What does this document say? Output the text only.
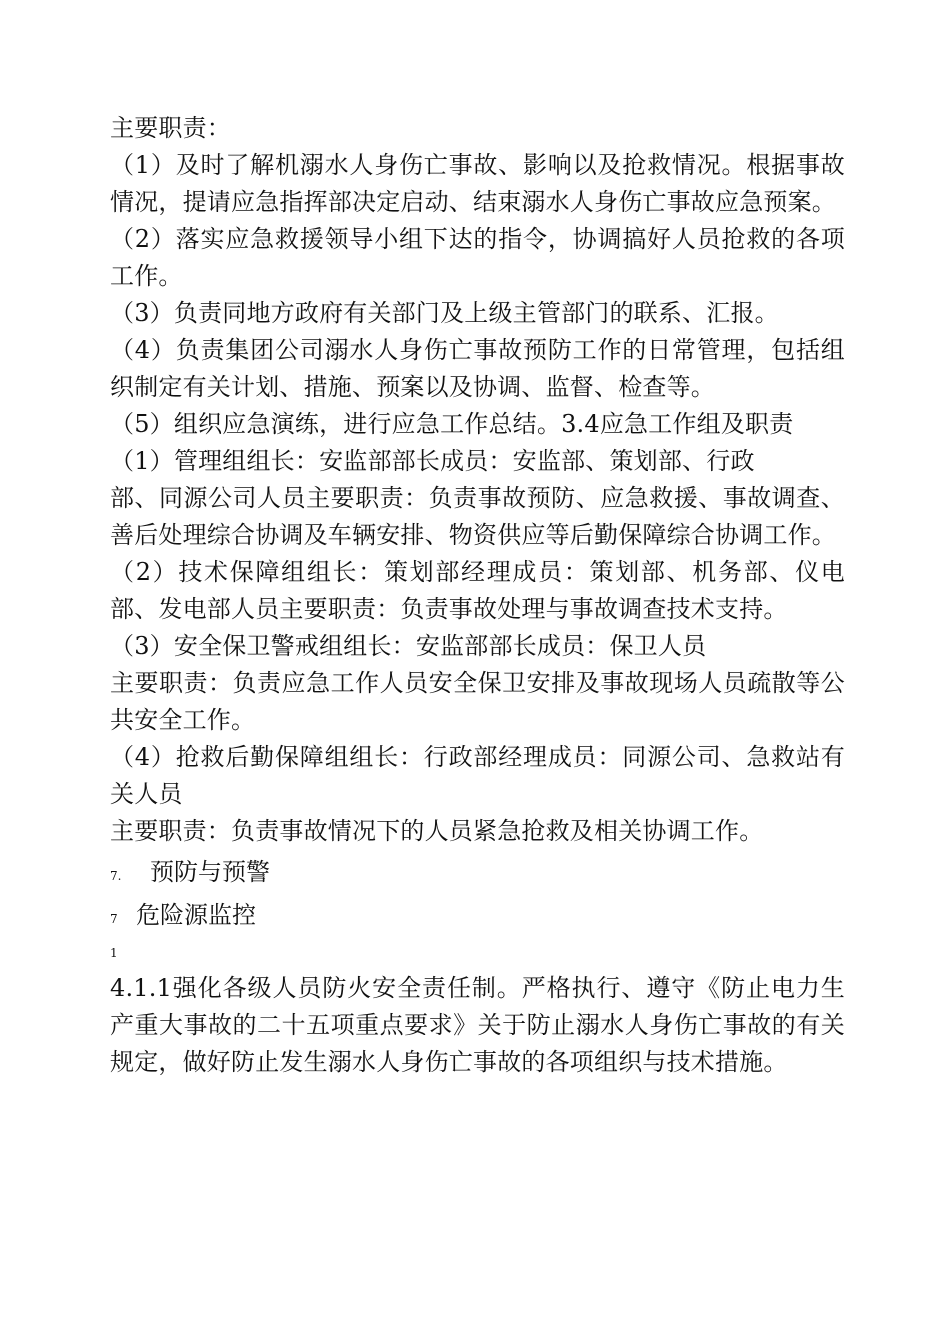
主要职责：

（1）及时了解机溺水人身伤亡事故、影响以及抢救情况。根据事故情况，提请应急指挥部决定启动、结束溺水人身伤亡事故应急预案。

（2）落实应急救援领导小组下达的指令，协调搞好人员抢救的各项工作。

（3）负责同地方政府有关部门及上级主管部门的联系、汇报。

（4）负责集团公司溺水人身伤亡事故预防工作的日常管理，包括组织制定有关计划、措施、预案以及协调、监督、检查等。

（5）组织应急演练，进行应急工作总结。3.4应急工作组及职责

（1）管理组组长：安监部部长成员：安监部、策划部、行政

部、同源公司人员主要职责：负责事故预防、应急救援、事故调查、善后处理综合协调及车辆安排、物资供应等后勤保障综合协调工作。

（2）技术保障组组长：策划部经理成员：策划部、机务部、仪电部、发电部人员主要职责：负责事故处理与事故调查技术支持。

（3）安全保卫警戒组组长：安监部部长成员：保卫人员

主要职责：负责应急工作人员安全保卫安排及事故现场人员疏散等公共安全工作。

（4）抢救后勤保障组组长：行政部经理成员：同源公司、急救站有关人员

主要职责：负责事故情况下的人员紧急抢救及相关协调工作。

7.	预防与预警
7 1
危险源监控

4.1.1强化各级人员防火安全责任制。严格执行、遵守《防止电力生产重大事故的二十五项重点要求》关于防止溺水人身伤亡事故的有关规定，做好防止发生溺水人身伤亡事故的各项组织与技术措施。
